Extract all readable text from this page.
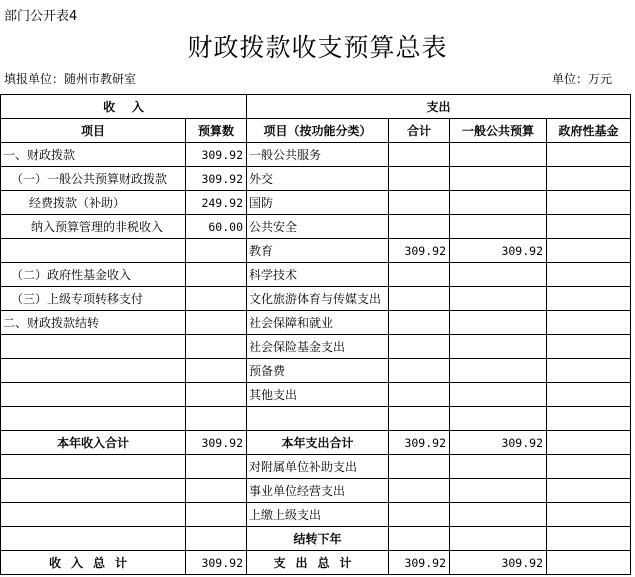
部门公开表4
财政拨款收支预算总表
填报单位：随州市教研室	单位：万元
收    入		支出			
项目	预算数	项目（按功能分类）	合计	一般公共预算	政府性基金
一、财政拨款	309.92	一般公共服务			
（一）一般公共预算财政拨款	309.92	外交			
经费拨款（补助）	249.92	国防			
纳入预算管理的非税收入	60.00	公共安全			
		教育	309.92	309.92	
（二）政府性基金收入		科学技术			
（三）上级专项转移支付		文化旅游体育与传媒支出			
二、财政拨款结转		社会保障和就业			
		社会保险基金支出			
		预备费			
		其他支出			

本年收入合计	309.92	本年支出合计	309.92	309.92	
		对附属单位补助支出			
		事业单位经营支出			
		上缴上级支出			
		结转下年			
收入总计	309.92	支出总计	309.92	309.92	
